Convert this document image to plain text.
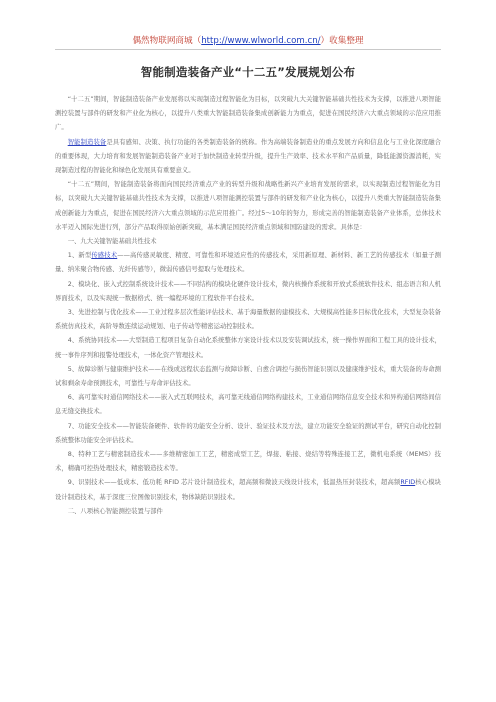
偶然物联网商城（http://www.wlworld.com.cn/）收集整理
智能制造装备产业“十二五”发展规划公布

“十二五”期间，智能制造装备产业发展将以实现制造过程智能化为目标，以突破九大关键智能基础共性技术为支撑，以推进八项智能测控装置与部件的研发和产业化为核心，以提升八类重大智能制造装备集成创新能力为重点，促进在国民经济六大重点领域的示范应用推广。

智能制造装备是具有感知、决策、执行功能的各类制造装备的统称。作为高端装备制造业的重点发展方向和信息化与工业化深度融合的重要体现，大力培育和发展智能制造装备产业对于加快制造业转型升级，提升生产效率、技术水平和产品质量，降低能源资源消耗，实现制造过程的智能化和绿色化发展具有重要意义。

“十二五”期间，智能制造装备将面向国民经济重点产业的转型升级和战略性新兴产业培育发展的需求，以实现制造过程智能化为目标，以突破九大关键智能基础共性技术为支撑，以推进八项智能测控装置与部件的研发和产业化为核心，以提升八类重大智能制造装备集成创新能力为重点，促进在国民经济六大重点领域的示范应用推广。经过5～10年的努力，形成完善的智能制造装备产业体系，总体技术水平迈入国际先进行列，部分产品取得原始创新突破，基本满足国民经济重点领域和国防建设的需求。具体是：

一、九大关键智能基础共性技术

1、新型传感技术——高传感灵敏度、精度、可靠性和环境适应性的传感技术，采用新原理、新材料、新工艺的传感技术（如量子测量、纳米聚合物传感、光纤传感等），微弱传感信号提取与处理技术。

2、模块化、嵌入式控制系统设计技术——不同结构的模块化硬件设计技术，微内核操作系统和开放式系统软件技术、组态语言和人机界面技术，以及实现统一数据格式、统一编程环境的工程软件平台技术。

3、先进控制与优化技术——工业过程多层次性能评估技术、基于海量数据的建模技术、大规模高性能多目标优化技术，大型复杂装备系统仿真技术，高阶导数连续运动规划、电子传动等精密运动控制技术。

4、系统协同技术——大型制造工程项目复杂自动化系统整体方案设计技术以及安装调试技术，统一操作界面和工程工具的设计技术，统一事件序列和报警处理技术，一体化资产管理技术。

5、故障诊断与健康维护技术——在线或远程状态监测与故障诊断、自愈合调控与损伤智能识别以及健康维护技术，重大装备的寿命测试和剩余寿命预测技术，可靠性与寿命评估技术。

6、高可靠实时通信网络技术——嵌入式互联网技术，高可靠无线通信网络构建技术，工业通信网络信息安全技术和异构通信网络间信息无缝交换技术。

7、功能安全技术——智能装备硬件、软件的功能安全分析、设计、验证技术及方法，建立功能安全验证的测试平台，研究自动化控制系统整体功能安全评估技术。

8、特种工艺与精密制造技术——多维精密加工工艺，精密成型工艺，焊接、粘接、烧结等特殊连接工艺，微机电系统（MEMS）技术，精确可控热处理技术，精密锻造技术等。

9、识别技术——低成本、低功耗 RFID 芯片设计制造技术，超高频和微波天线设计技术，低温热压封装技术，超高频RFID核心模块设计制造技术，基于深度三位图像识别技术，物体缺陷识别技术。

二、八项核心智能测控装置与部件
